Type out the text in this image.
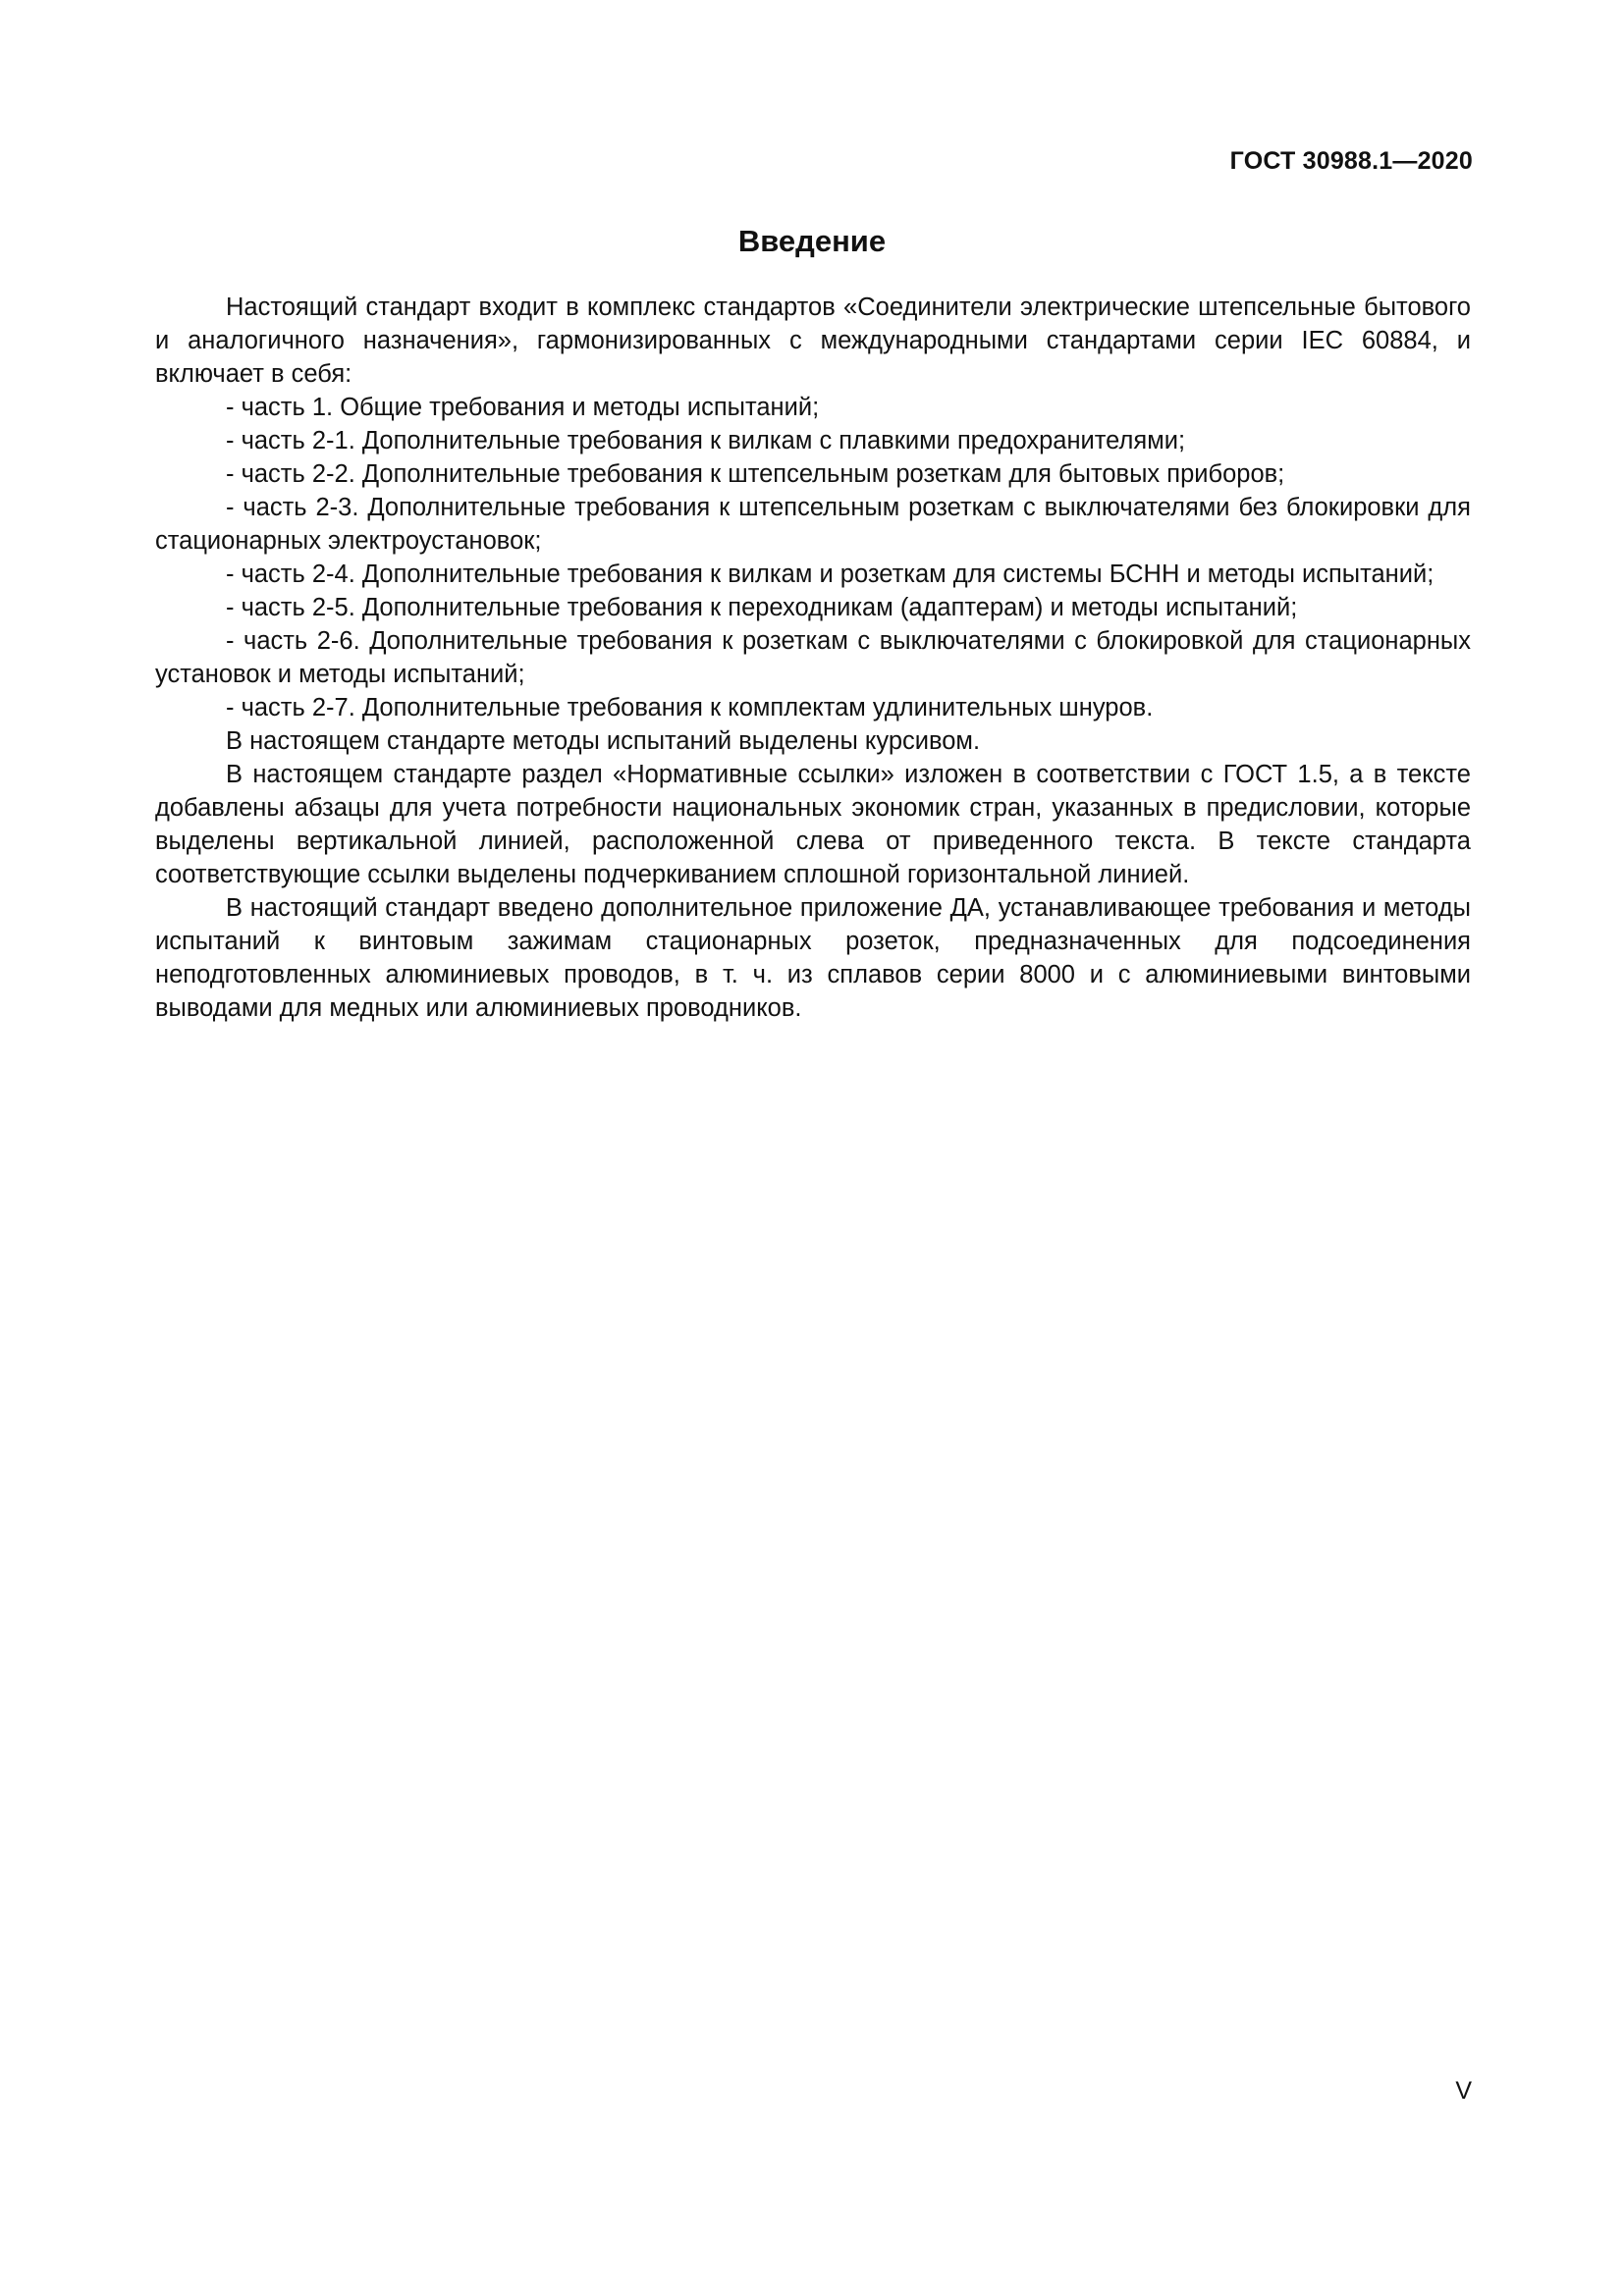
ГОСТ 30988.1—2020
Введение

Настоящий стандарт входит в комплекс стандартов «Соединители электрические штепсельные бытового и аналогичного назначения», гармонизированных с международными стандартами серии IEC 60884, и включает в себя:

- часть 1. Общие требования и методы испытаний;

- часть 2-1. Дополнительные требования к вилкам с плавкими предохранителями;

- часть 2-2. Дополнительные требования к штепсельным розеткам для бытовых приборов;

- часть 2-3. Дополнительные требования к штепсельным розеткам с выключателями без блокировки для стационарных электроустановок;

- часть 2-4. Дополнительные требования к вилкам и розеткам для системы БСНН и методы испытаний;

- часть 2-5. Дополнительные требования к переходникам (адаптерам) и методы испытаний;

- часть 2-6. Дополнительные требования к розеткам с выключателями с блокировкой для стационарных установок и методы испытаний;

- часть 2-7. Дополнительные требования к комплектам удлинительных шнуров.

В настоящем стандарте методы испытаний выделены курсивом.

В настоящем стандарте раздел «Нормативные ссылки» изложен в соответствии с ГОСТ 1.5, а в тексте добавлены абзацы для учета потребности национальных экономик стран, указанных в предисловии, которые выделены вертикальной линией, расположенной слева от приведенного текста. В тексте стандарта соответствующие ссылки выделены подчеркиванием сплошной горизонтальной линией.

В настоящий стандарт введено дополнительное приложение ДА, устанавливающее требования и методы испытаний к винтовым зажимам стационарных розеток, предназначенных для подсоединения неподготовленных алюминиевых проводов, в т. ч. из сплавов серии 8000 и с алюминиевыми винтовыми выводами для медных или алюминиевых проводников.

V
